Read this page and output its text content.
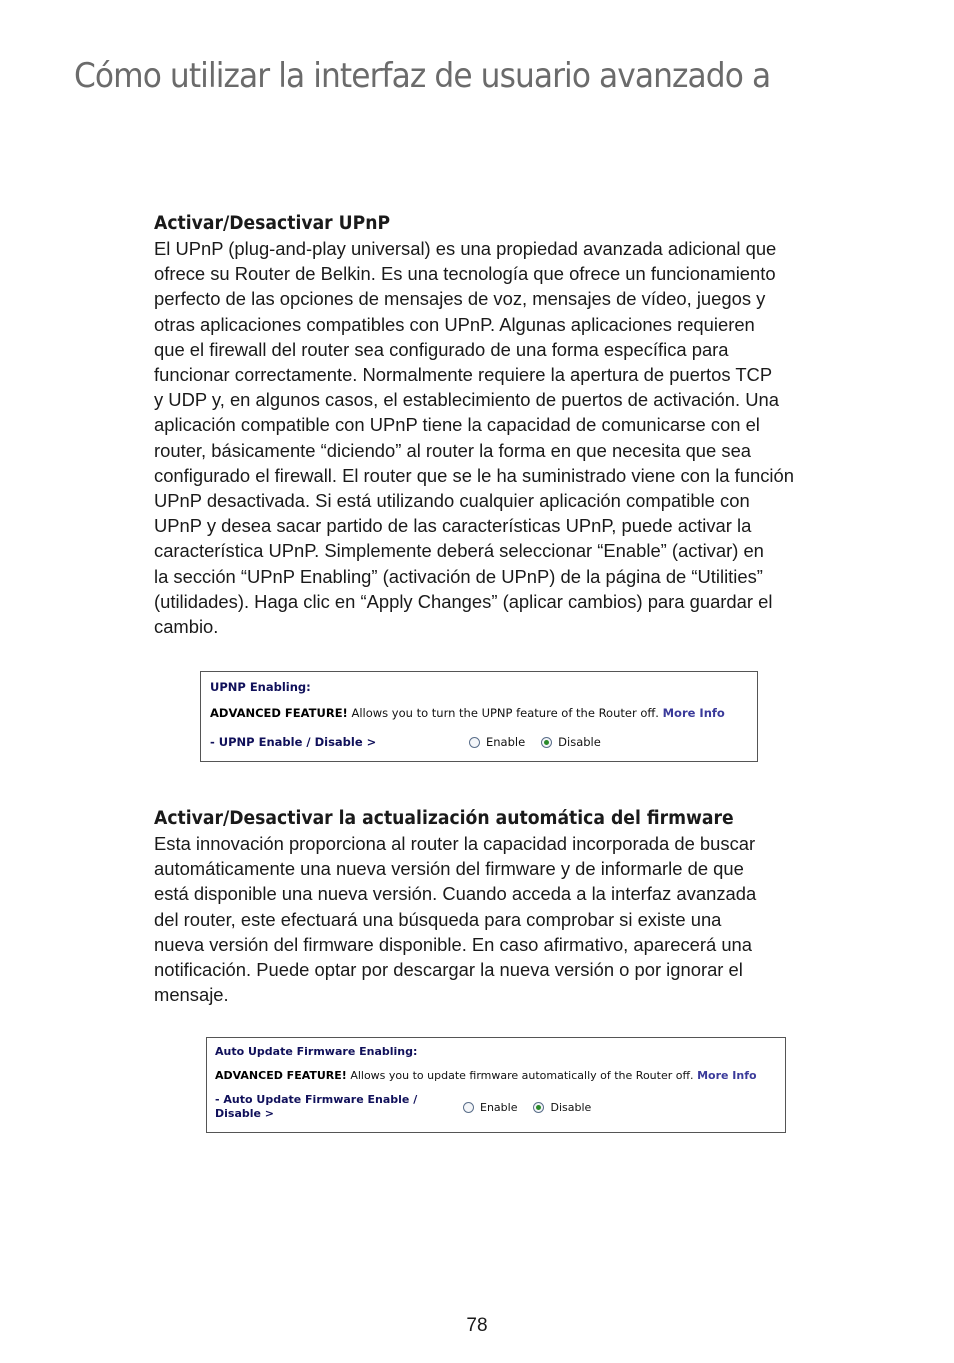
Cómo utilizar la interfaz de usuario avanzado a
Activar/Desactivar UPnP

El UPnP (plug-and-play universal) es una propiedad avanzada adicional que
ofrece su Router de Belkin. Es una tecnología que ofrece un funcionamiento
perfecto de las opciones de mensajes de voz, mensajes de vídeo, juegos y
otras aplicaciones compatibles con UPnP. Algunas aplicaciones requieren
que el firewall del router sea configurado de una forma específica para
funcionar correctamente. Normalmente requiere la apertura de puertos TCP
y UDP y, en algunos casos, el establecimiento de puertos de activación. Una
aplicación compatible con UPnP tiene la capacidad de comunicarse con el
router, básicamente “diciendo” al router la forma en que necesita que sea
configurado el firewall. El router que se le ha suministrado viene con la función
UPnP desactivada. Si está utilizando cualquier aplicación compatible con
UPnP y desea sacar partido de las características UPnP, puede activar la
característica UPnP. Simplemente deberá seleccionar “Enable” (activar) en
la sección “UPnP Enabling” (activación de UPnP) de la página de “Utilities”
(utilidades). Haga clic en “Apply Changes” (aplicar cambios) para guardar el
cambio.

UPNP Enabling:
ADVANCED FEATURE! Allows you to turn the UPNP feature of the Router off. More Info
- UPNP Enable / Disable >	Enable	Disable
Activar/Desactivar la actualización automática del firmware

Esta innovación proporciona al router la capacidad incorporada de buscar
automáticamente una nueva versión del firmware y de informarle de que
está disponible una nueva versión. Cuando acceda a la interfaz avanzada
del router, este efectuará una búsqueda para comprobar si existe una
nueva versión del firmware disponible. En caso afirmativo, aparecerá una
notificación. Puede optar por descargar la nueva versión o por ignorar el
mensaje.

Auto Update Firmware Enabling:
ADVANCED FEATURE! Allows you to update firmware automatically of the Router off. More Info
- Auto Update Firmware Enable /
Disable >	Enable	Disable

78
